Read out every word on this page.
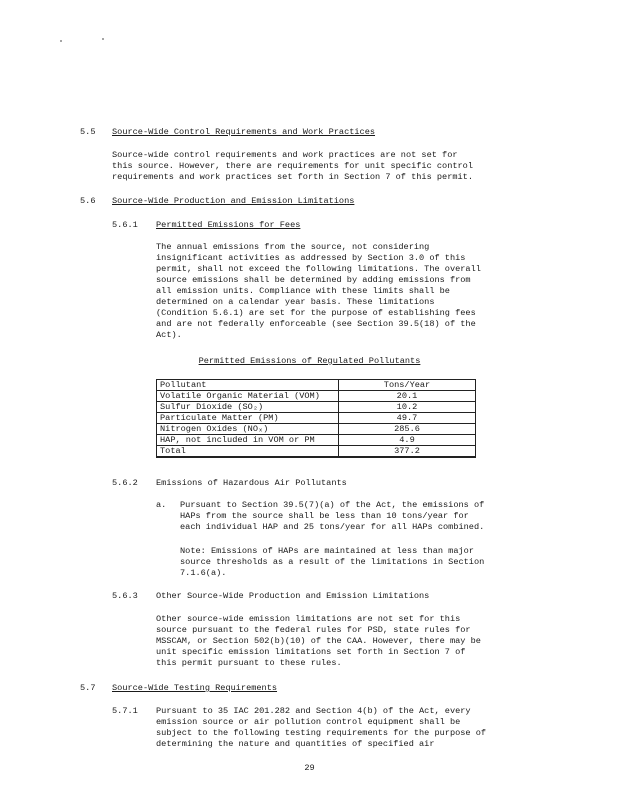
5.5 Source-Wide Control Requirements and Work Practices
Source-wide control requirements and work practices are not set for
this source. However, there are requirements for unit specific control
requirements and work practices set forth in Section 7 of this permit.
5.6 Source-Wide Production and Emission Limitations
5.6.1 Permitted Emissions for Fees
The annual emissions from the source, not considering
insignificant activities as addressed by Section 3.0 of this
permit, shall not exceed the following limitations. The overall
source emissions shall be determined by adding emissions from
all emission units. Compliance with these limits shall be
determined on a calendar year basis. These limitations
(Condition 5.6.1) are set for the purpose of establishing fees
and are not federally enforceable (see Section 39.5(18) of the
Act).
Permitted Emissions of Regulated Pollutants
Pollutant	Tons/Year
Volatile Organic Material (VOM)	20.1
Sulfur Dioxide (SO₂)	10.2
Particulate Matter (PM)	49.7
Nitrogen Oxides (NOₓ)	285.6
HAP, not included in VOM or PM	4.9
Total	377.2
5.6.2 Emissions of Hazardous Air Pollutants
a. Pursuant to Section 39.5(7)(a) of the Act, the emissions of
HAPs from the source shall be less than 10 tons/year for
each individual HAP and 25 tons/year for all HAPs combined.
Note: Emissions of HAPs are maintained at less than major
source thresholds as a result of the limitations in Section
7.1.6(a).
5.6.3 Other Source-Wide Production and Emission Limitations
Other source-wide emission limitations are not set for this
source pursuant to the federal rules for PSD, state rules for
MSSCAM, or Section 502(b)(10) of the CAA. However, there may be
unit specific emission limitations set forth in Section 7 of
this permit pursuant to these rules.
5.7 Source-Wide Testing Requirements
5.7.1 Pursuant to 35 IAC 201.282 and Section 4(b) of the Act, every
emission source or air pollution control equipment shall be
subject to the following testing requirements for the purpose of
determining the nature and quantities of specified air
29
